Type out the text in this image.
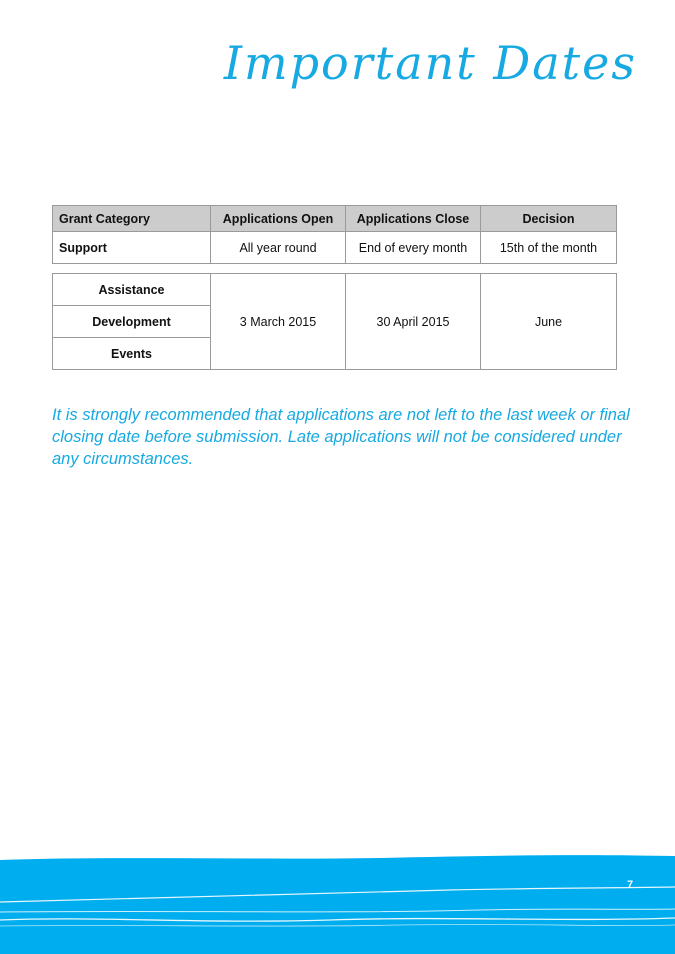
Important Dates
Grant Category	Applications Open	Applications Close	Decision
Support	All year round	End of every month	15th of the month
Assistance	3 March 2015	30 April 2015	June
Development
Events
It is strongly recommended that applications are not left to the last week or final closing date before submission. Late applications will not be considered under any circumstances.
7
